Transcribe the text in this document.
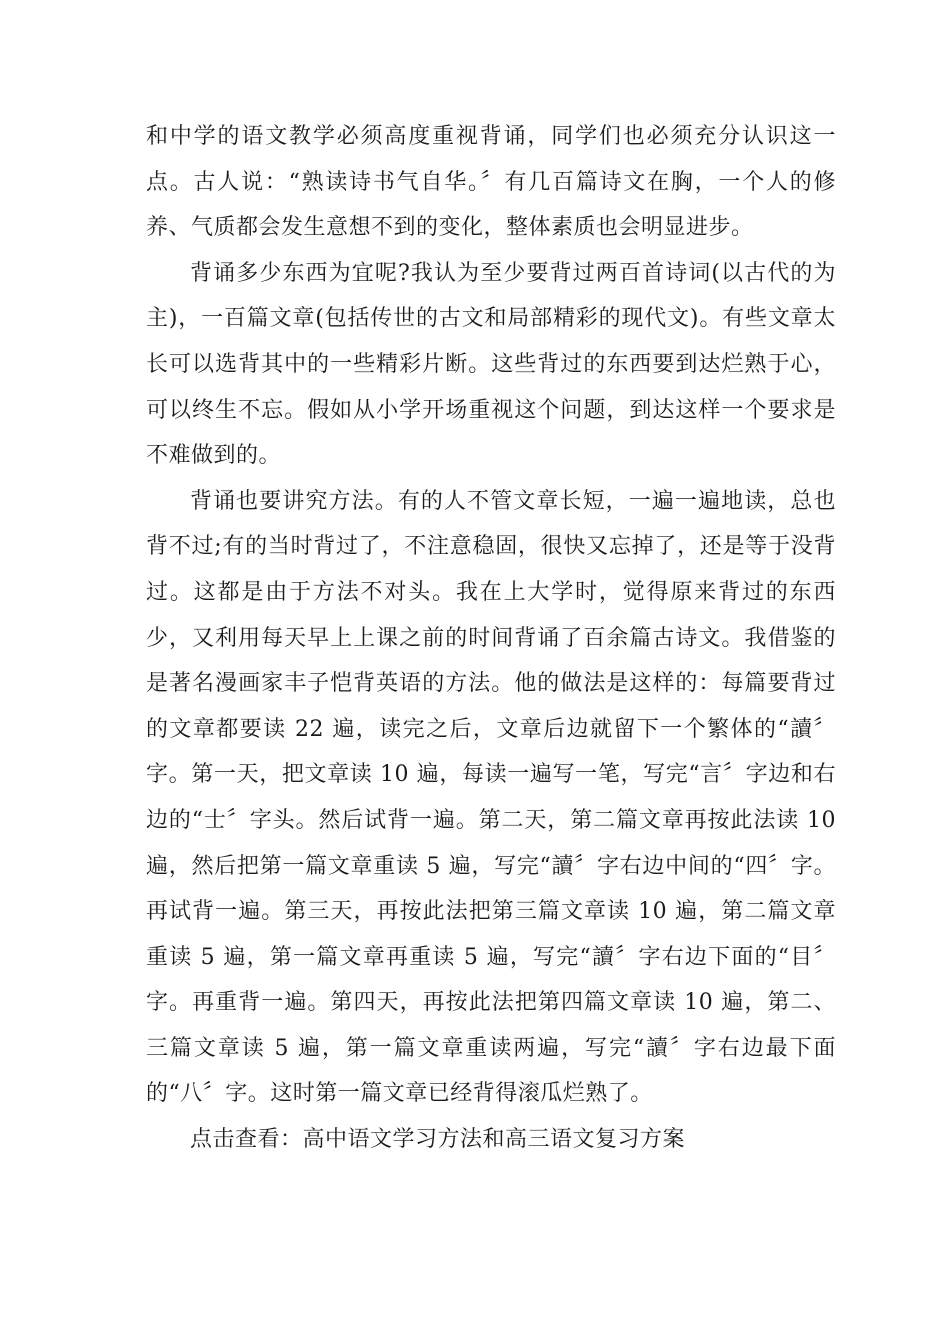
和中学的语文教学必须高度重视背诵，同学们也必须充分认识这一点。古人说：“熟读诗书气自华。〞有几百篇诗文在胸，一个人的修养、气质都会发生意想不到的变化，整体素质也会明显进步。

背诵多少东西为宜呢?我认为至少要背过两百首诗词(以古代的为主)，一百篇文章(包括传世的古文和局部精彩的现代文)。有些文章太长可以选背其中的一些精彩片断。这些背过的东西要到达烂熟于心，可以终生不忘。假如从小学开场重视这个问题，到达这样一个要求是不难做到的。

背诵也要讲究方法。有的人不管文章长短，一遍一遍地读，总也背不过;有的当时背过了，不注意稳固，很快又忘掉了，还是等于没背过。这都是由于方法不对头。我在上大学时，觉得原来背过的东西少，又利用每天早上上课之前的时间背诵了百余篇古诗文。我借鉴的是著名漫画家丰子恺背英语的方法。他的做法是这样的：每篇要背过的文章都要读 22 遍，读完之后，文章后边就留下一个繁体的“讀〞字。第一天，把文章读 10 遍，每读一遍写一笔，写完“言〞字边和右边的“士〞字头。然后试背一遍。第二天，第二篇文章再按此法读 10 遍，然后把第一篇文章重读 5 遍，写完“讀〞字右边中间的“四〞字。再试背一遍。第三天，再按此法把第三篇文章读 10 遍，第二篇文章重读 5 遍，第一篇文章再重读 5 遍，写完“讀〞字右边下面的“目〞字。再重背一遍。第四天，再按此法把第四篇文章读 10 遍，第二、三篇文章读 5 遍，第一篇文章重读两遍，写完“讀〞字右边最下面的“八〞字。这时第一篇文章已经背得滚瓜烂熟了。

点击查看：高中语文学习方法和高三语文复习方案
